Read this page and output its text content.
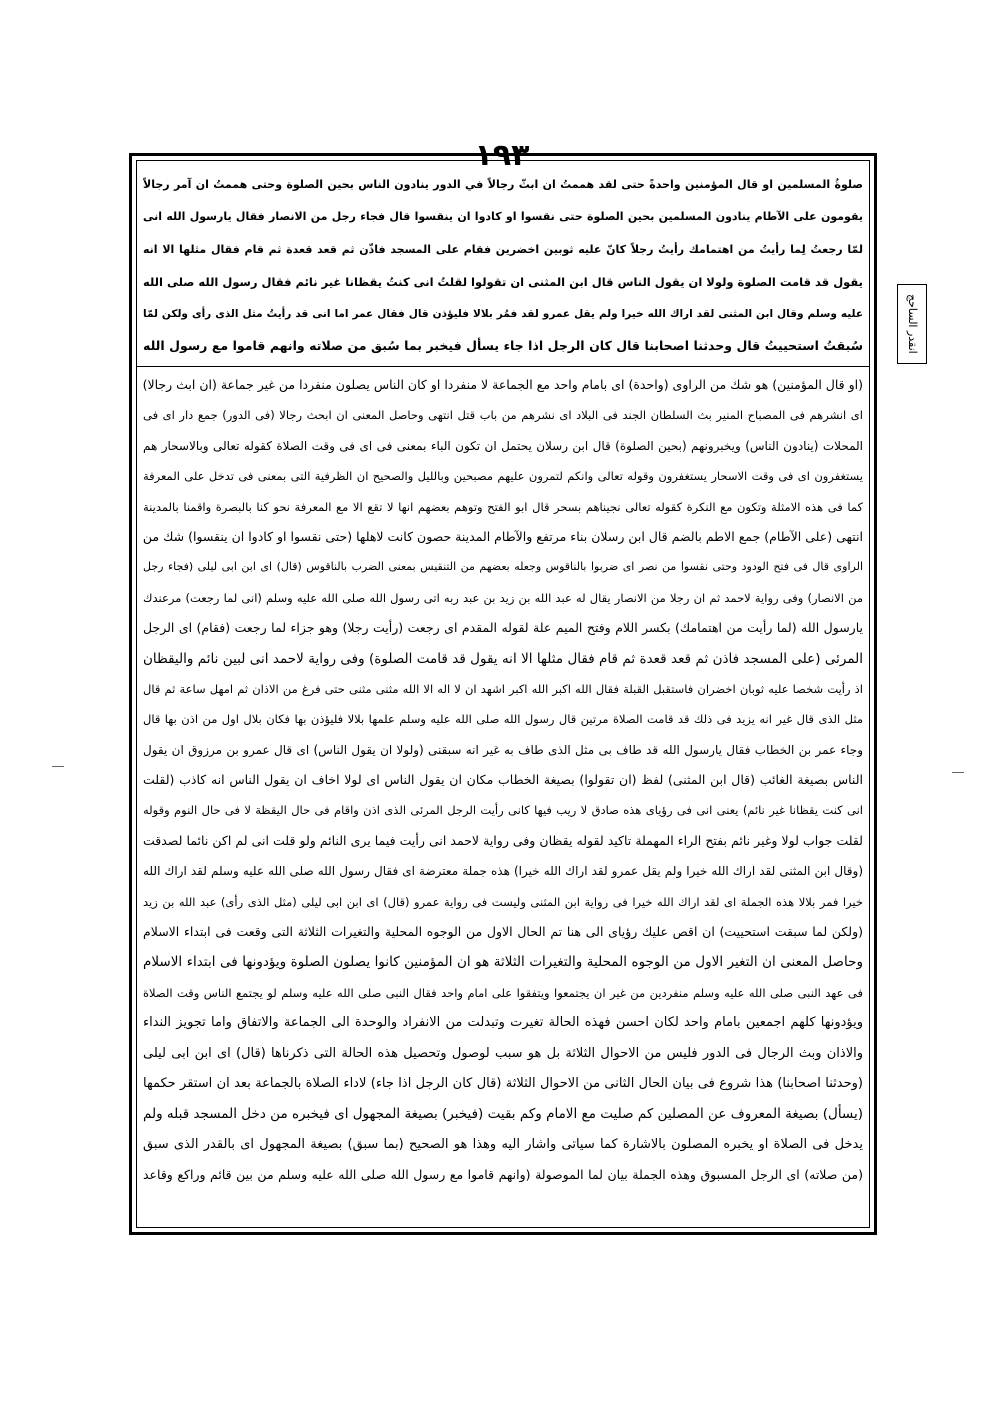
١٩٣
انقدر الساحج
صلوةُ المسلمين او قال المؤمنين واحدةً حتى لقد هممتُ ان ابثّ رجالاً في الدور ينادون الناس بحين الصلوة وحتى هممتُ ان آمر رجالاً
يقومون على الآطام ينادون المسلمين بحين الصلوة حتى نقسوا او كادوا ان ينقسوا قال فجاء رجل من الانصار فقال يارسول الله انى
لمّا رجعتُ لِما رأيتُ من اهتمامك رأيتُ رجلاً كانّ عليه ثوبين اخضرين فقام على المسجد فاذّن ثم قعد قعدة ثم قام فقال مثلها الا انه
يقول قد قامت الصلوة ولولا ان يقول الناس قال ابن المثنى ان تقولوا لقلتُ انى كنتُ يقظانا غير نائم فقال رسول الله صلى الله
عليه وسلم وقال ابن المثنى لقد اراك الله خيرا ولم يقل عمرو لقد فمُر بلالا فليؤذن قال فقال عمر اما انى قد رأيتُ مثل الذى رأى ولكن لمّا
سُبقتُ استحييتُ قال وحدثنا اصحابنا قال كان الرجل اذا جاء يسأل فيخبر بما سُبق من صلاته وانهم قاموا مع رسول الله
(او قال المؤمنين) هو شك من الراوى (واحدة) اى بامام واحد مع الجماعة لا منفردا او كان الناس يصلون منفردا من غير جماعة (ان ابث رجالا)
اى انشرهم فى المصباح المنير بث السلطان الجند فى البلاد اى نشرهم من باب قتل انتهى وحاصل المعنى ان ابحث رجالا (فى الدور) جمع دار اى فى
المحلات (ينادون الناس) ويخبرونهم (بحين الصلوة) قال ابن رسلان يحتمل ان تكون الباء بمعنى فى اى فى وقت الصلاة كقوله تعالى وبالاسحار هم
يستغفرون اى فى وقت الاسحار يستغفرون وقوله تعالى وانكم لتمرون عليهم مصبحين وبالليل والصحيح ان الظرفية التى بمعنى فى تدخل على المعرفة
كما فى هذه الامثلة وتكون مع النكرة كقوله تعالى نجيناهم بسحر قال ابو الفتح وتوهم بعضهم انها لا تقع الا مع المعرفة نحو كنا بالبصرة واقمنا بالمدينة
انتهى (على الآطام) جمع الاطم بالضم قال ابن رسلان بناء مرتفع والآطام المدينة حصون كانت لاهلها (حتى نقسوا او كادوا ان ينقسوا) شك من
الراوى قال فى فتح الودود وحتى نقسوا من نصر اى ضربوا بالناقوس وجعله بعضهم من التنقيس بمعنى الضرب بالناقوس (قال) اى ابن ابى ليلى (فجاء رجل
من الانصار) وفى رواية لاحمد ثم ان رجلا من الانصار يقال له عبد الله بن زيد بن عبد ربه اتى رسول الله صلى الله عليه وسلم (انى لما رجعت) مرعندك
يارسول الله (لما رأيت من اهتمامك) بكسر اللام وفتح الميم علة لقوله المقدم اى رجعت (رأيت رجلا) وهو جزاء لما رجعت (فقام) اى الرجل
المرئى (على المسجد فاذن ثم قعد قعدة ثم قام فقال مثلها الا انه يقول قد قامت الصلوة) وفى رواية لاحمد انى لبين نائم واليقظان
اذ رأيت شخصا عليه ثوبان اخضران فاستقبل القبلة فقال الله اكبر الله اكبر اشهد ان لا اله الا الله مثنى مثنى حتى فرغ من الاذان ثم امهل ساعة ثم قال
مثل الذى قال غير انه يزيد فى ذلك قد قامت الصلاة مرتين قال رسول الله صلى الله عليه وسلم علمها بلالا فليؤذن بها فكان بلال اول من اذن بها قال
وجاء عمر بن الخطاب فقال يارسول الله قد طاف بى مثل الذى طاف به غير انه سبقنى (ولولا ان يقول الناس) اى قال عمرو بن مرزوق ان يقول
الناس بصيغة الغائب (قال ابن المثنى) لفظ (ان تقولوا) بصيغة الخطاب مكان ان يقول الناس اى لولا اخاف ان يقول الناس انه كاذب (لقلت
انى كنت يقظانا غير نائم) يعنى انى فى رؤياى هذه صادق لا ريب فيها كانى رأيت الرجل المرئى الذى اذن واقام فى حال اليقظة لا فى حال النوم وقوله
لقلت جواب لولا وغير نائم بفتح الراء المهملة تاكيد لقوله يقظان وفى رواية لاحمد انى رأيت فيما يرى النائم ولو قلت انى لم اكن نائما لصدقت
(وقال ابن المثنى لقد اراك الله خيرا ولم يقل عمرو لقد اراك الله خيرا) هذه جملة معترضة اى فقال رسول الله صلى الله عليه وسلم لقد اراك الله
خيرا فمر بلالا هذه الجملة اى لقد اراك الله خيرا فى رواية ابن المثنى وليست فى رواية عمرو (قال) اى ابن ابى ليلى (مثل الذى رأى) عبد الله بن زيد
(ولكن لما سبقت استحييت) ان اقص عليك رؤياى الى هنا تم الحال الاول من الوجوه المحلية والتغيرات الثلاثة التى وقعت فى ابتداء الاسلام
وحاصل المعنى ان التغير الاول من الوجوه المحلية والتغيرات الثلاثة هو ان المؤمنين كانوا يصلون الصلوة ويؤدونها فى ابتداء الاسلام
فى عهد النبى صلى الله عليه وسلم منفردين من غير ان يجتمعوا ويتفقوا على امام واحد فقال النبى صلى الله عليه وسلم لو يجتمع الناس وقت الصلاة
ويؤدونها كلهم اجمعين بامام واحد لكان احسن فهذه الحالة تغيرت وتبدلت من الانفراد والوحدة الى الجماعة والاتفاق واما تجويز النداء
والاذان وبث الرجال فى الدور فليس من الاحوال الثلاثة بل هو سبب لوصول وتحصيل هذه الحالة التى ذكرناها (قال) اى ابن ابى ليلى
(وحدثنا اصحابنا) هذا شروع فى بيان الحال الثانى من الاحوال الثلاثة (قال كان الرجل اذا جاء) لاداء الصلاة بالجماعة بعد ان استقر حكمها
(يسأل) بصيغة المعروف عن المصلين كم صليت مع الامام وكم بقيت (فيخبر) بصيغة المجهول اى فيخبره من دخل المسجد قبله ولم
يدخل فى الصلاة او يخبره المصلون بالاشارة كما سياتى واشار اليه وهذا هو الصحيح (بما سبق) بصيغة المجهول اى بالقدر الذى سبق
(من صلاته) اى الرجل المسبوق وهذه الجملة بيان لما الموصولة (وانهم قاموا مع رسول الله صلى الله عليه وسلم من بين قائم وراكع وقاعد
